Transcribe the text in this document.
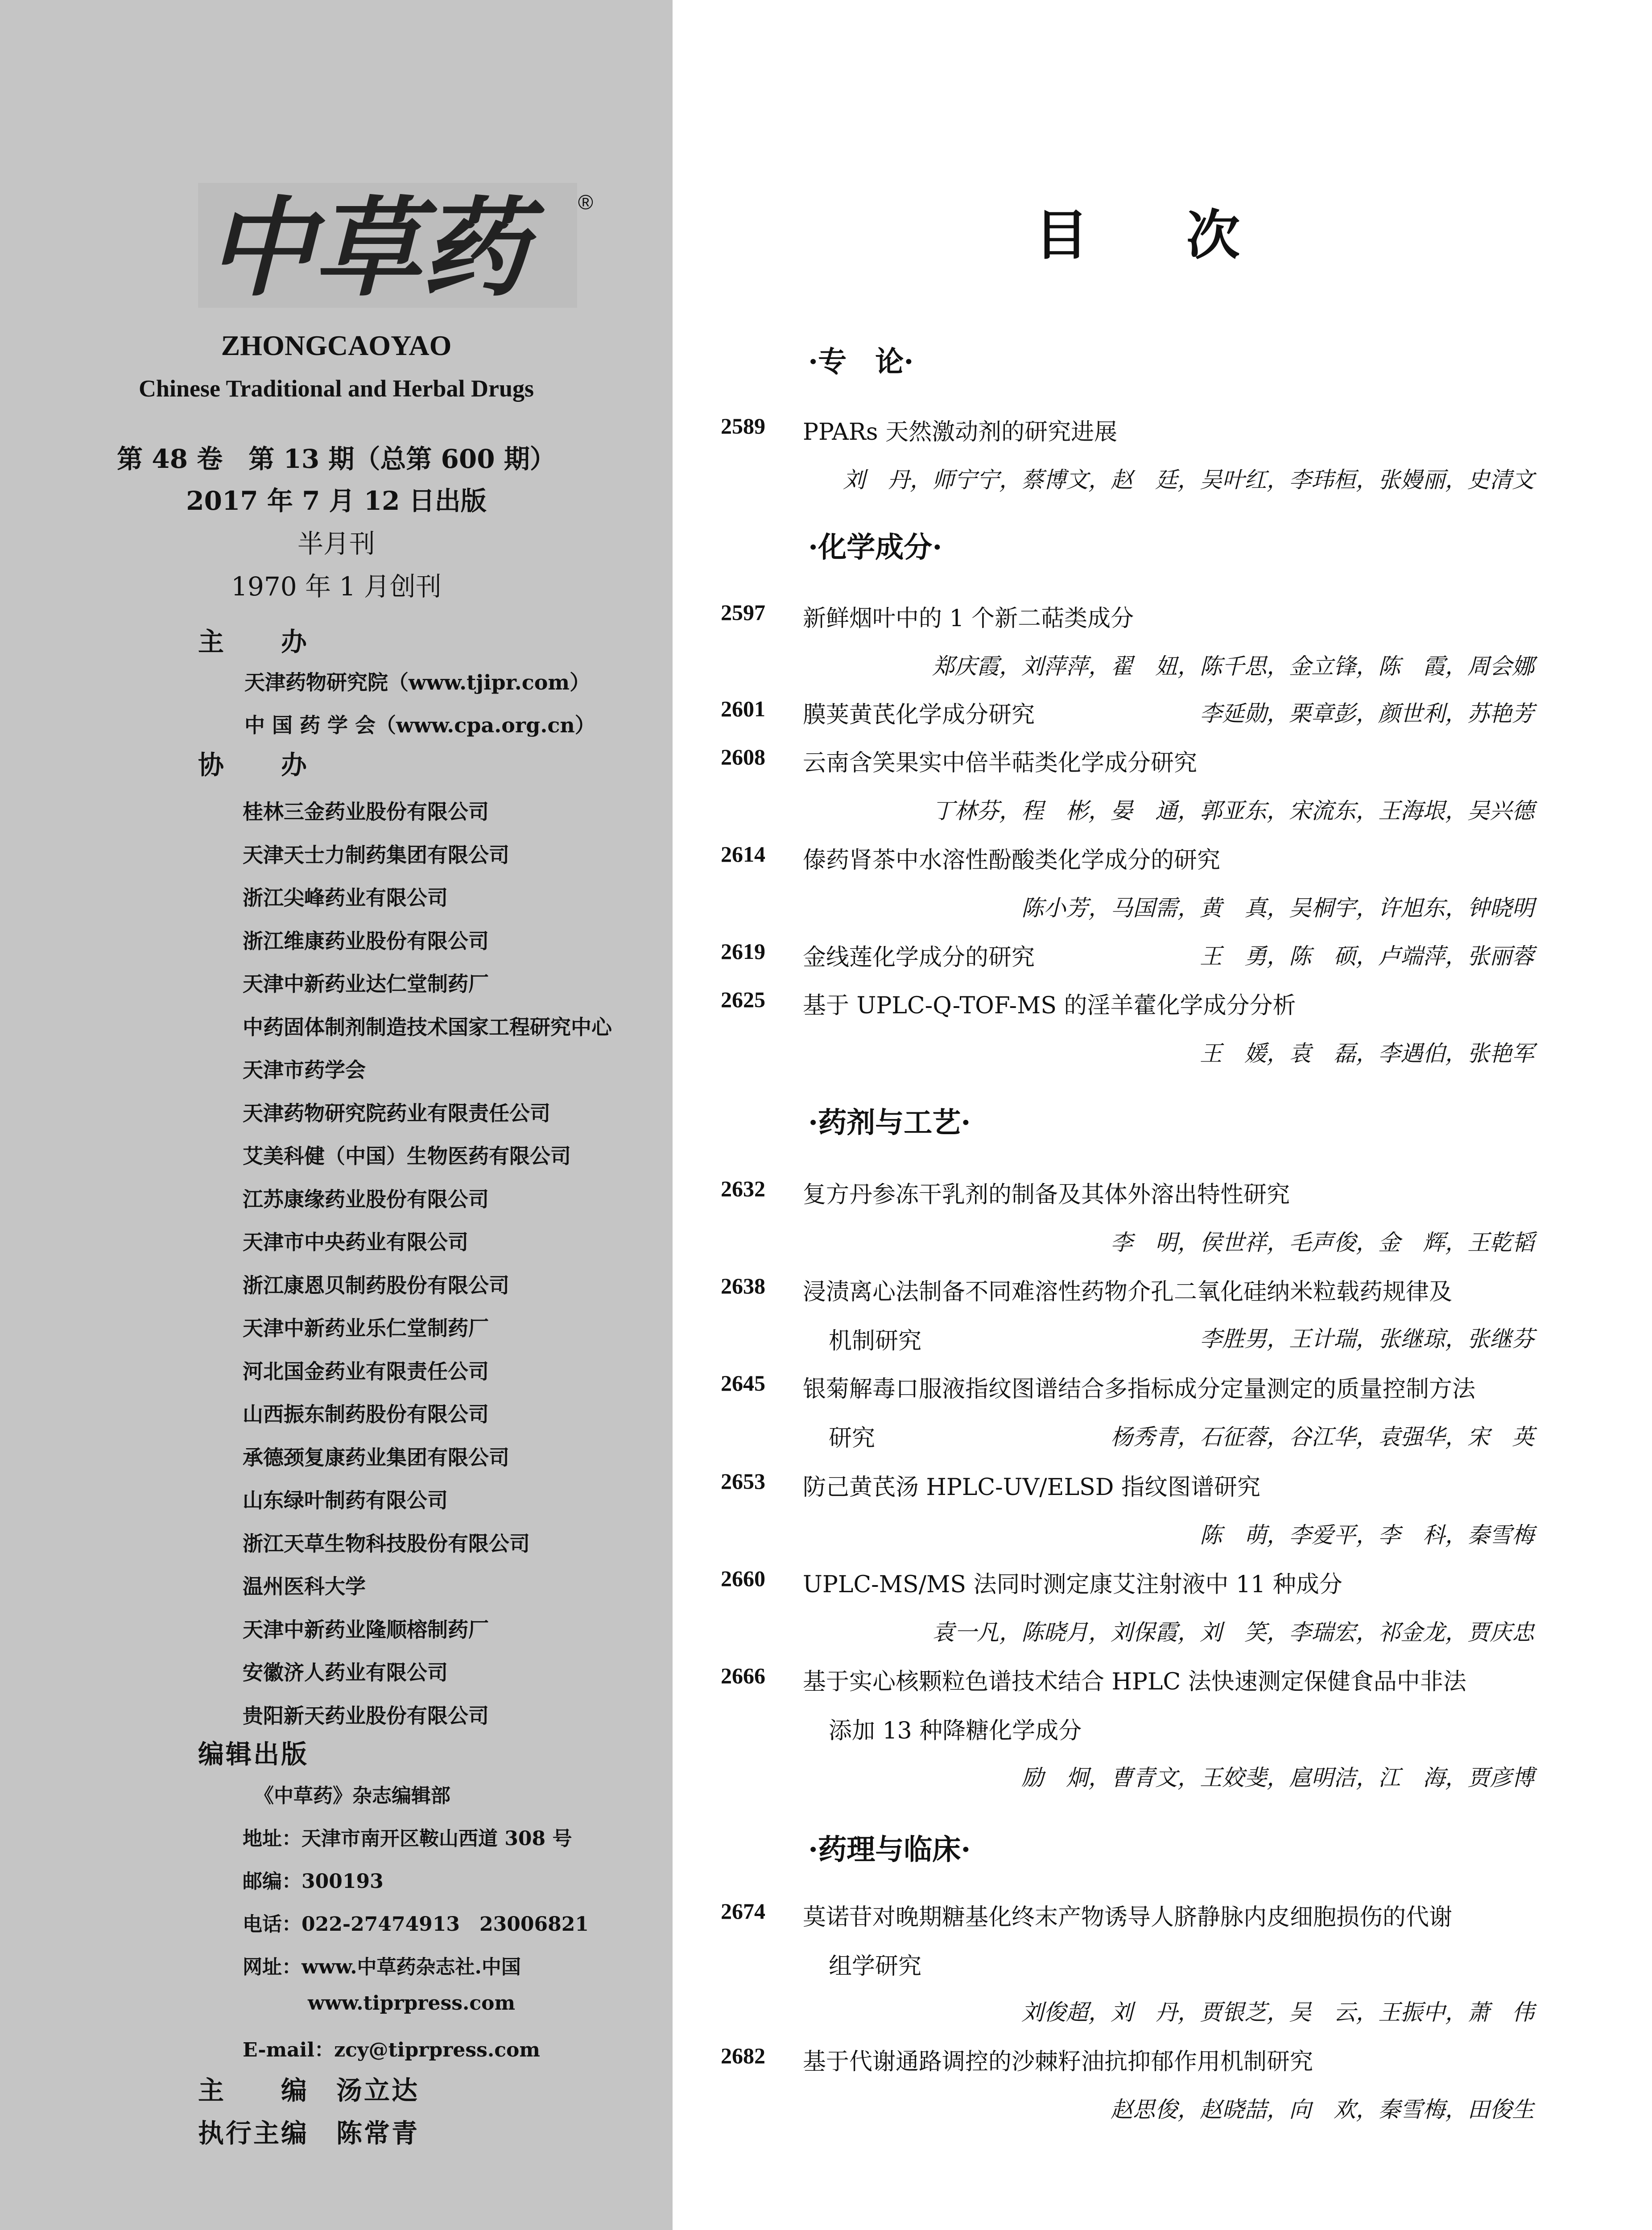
中草药	®
ZHONGCAOYAO
Chinese Traditional and Herbal Drugs
第 48 卷　第 13 期（总第 600 期）
2017 年 7 月 12 日出版
半月刊
1970 年 1 月创刊
主　　办
天津药物研究院（www.tjipr.com）
中 国 药 学 会（www.cpa.org.cn）
协　　办
桂林三金药业股份有限公司
天津天士力制药集团有限公司
浙江尖峰药业有限公司
浙江维康药业股份有限公司
天津中新药业达仁堂制药厂
中药固体制剂制造技术国家工程研究中心
天津市药学会
天津药物研究院药业有限责任公司
艾美科健（中国）生物医药有限公司
江苏康缘药业股份有限公司
天津市中央药业有限公司
浙江康恩贝制药股份有限公司
天津中新药业乐仁堂制药厂
河北国金药业有限责任公司
山西振东制药股份有限公司
承德颈复康药业集团有限公司
山东绿叶制药有限公司
浙江天草生物科技股份有限公司
温州医科大学
天津中新药业隆顺榕制药厂
安徽济人药业有限公司
贵阳新天药业股份有限公司
编辑出版
《中草药》杂志编辑部
地址：天津市南开区鞍山西道 308 号
邮编：300193
电话：022-27474913　23006821
网址：www.中草药杂志社.中国
www.tiprpress.com
E-mail：zcy@tiprpress.com
主　　编　汤立达
执行主编　陈常青
目 次
·专　论·
2589 PPARs 天然激动剂的研究进展
刘　丹，师宁宁，蔡博文，赵　廷，吴叶红，李玮桓，张嫚丽，史清文
·化学成分·
2597 新鲜烟叶中的 1 个新二萜类成分
郑庆霞，刘萍萍，翟　妞，陈千思，金立锋，陈　霞，周会娜
2601 膜荚黄芪化学成分研究	李延勋，栗章彭，颜世利，苏艳芳
2608 云南含笑果实中倍半萜类化学成分研究
丁林芬，程　彬，晏　通，郭亚东，宋流东，王海垠，吴兴德
2614 傣药肾茶中水溶性酚酸类化学成分的研究
陈小芳，马国需，黄　真，吴桐宇，许旭东，钟晓明
2619 金线莲化学成分的研究	王　勇，陈　硕，卢端萍，张丽蓉
2625 基于 UPLC-Q-TOF-MS 的淫羊藿化学成分分析
王　媛，袁　磊，李遇伯，张艳军
·药剂与工艺·
2632 复方丹参冻干乳剂的制备及其体外溶出特性研究
李　明，侯世祥，毛声俊，金　辉，王乾韬
2638 浸渍离心法制备不同难溶性药物介孔二氧化硅纳米粒载药规律及
机制研究	李胜男，王计瑞，张继琼，张继芬
2645 银菊解毒口服液指纹图谱结合多指标成分定量测定的质量控制方法
研究	杨秀青，石征蓉，谷江华，袁强华，宋　英
2653 防己黄芪汤 HPLC-UV/ELSD 指纹图谱研究
陈　萌，李爱平，李　科，秦雪梅
2660 UPLC-MS/MS 法同时测定康艾注射液中 11 种成分
袁一凡，陈晓月，刘保霞，刘　笑，李瑞宏，祁金龙，贾庆忠
2666 基于实心核颗粒色谱技术结合 HPLC 法快速测定保健食品中非法
添加 13 种降糖化学成分
励　炯，曹青文，王姣斐，扈明洁，江　海，贾彦博
·药理与临床·
2674 莫诺苷对晚期糖基化终末产物诱导人脐静脉内皮细胞损伤的代谢
组学研究
刘俊超，刘　丹，贾银芝，吴　云，王振中，萧　伟
2682 基于代谢通路调控的沙棘籽油抗抑郁作用机制研究
赵思俊，赵晓喆，向　欢，秦雪梅，田俊生
